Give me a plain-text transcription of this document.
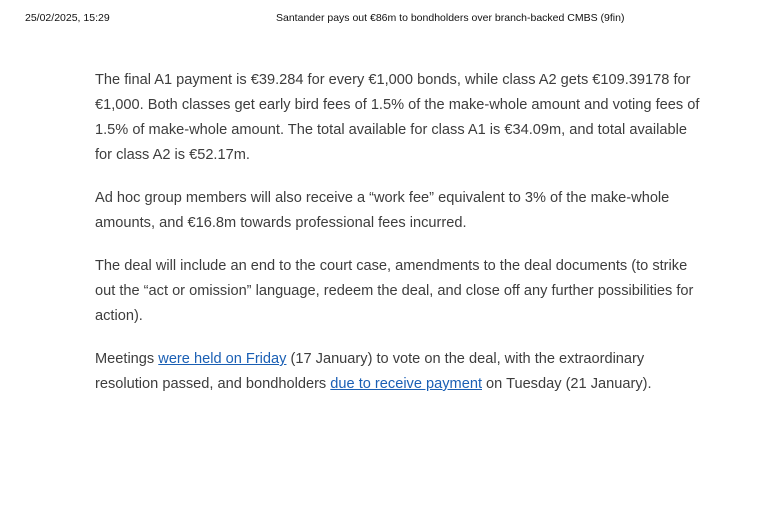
25/02/2025, 15:29	Santander pays out €86m to bondholders over branch-backed CMBS (9fin)

The final A1 payment is €39.284 for every €1,000 bonds, while class A2 gets €109.39178 for €1,000. Both classes get early bird fees of 1.5% of the make-whole amount and voting fees of 1.5% of make-whole amount. The total available for class A1 is €34.09m, and total available for class A2 is €52.17m.

Ad hoc group members will also receive a “work fee” equivalent to 3% of the make-whole amounts, and €16.8m towards professional fees incurred.

The deal will include an end to the court case, amendments to the deal documents (to strike out the “act or omission” language, redeem the deal, and close off any further possibilities for action).

Meetings were held on Friday (17 January) to vote on the deal, with the extraordinary resolution passed, and bondholders due to receive payment on Tuesday (21 January).
